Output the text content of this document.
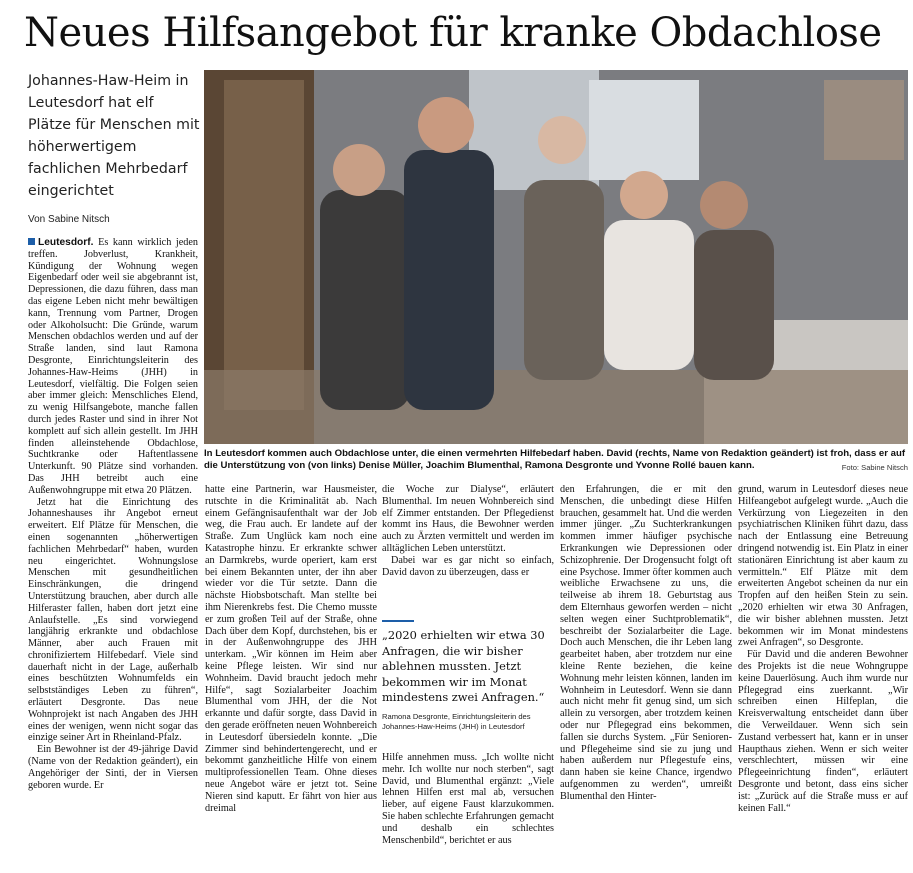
Neues Hilfsangebot für kranke Obdachlose
Johannes-Haw-Heim in Leutesdorf hat elf Plätze für Menschen mit höherwertigem fachlichen Mehrbedarf eingerichtet
Von Sabine Nitsch

Leutesdorf. Es kann wirklich jeden treffen. Jobverlust, Krankheit, Kündigung der Wohnung wegen Eigenbedarf oder weil sie abgebrannt ist, Depressionen, die dazu führen, dass man das eigene Leben nicht mehr bewältigen kann, Trennung vom Partner, Drogen oder Alkoholsucht: Die Gründe, warum Menschen obdachlos werden und auf der Straße landen, sind laut Ramona Desgronte, Einrichtungsleiterin des Johannes-Haw-Heims (JHH) in Leutesdorf, vielfältig. Die Folgen seien aber immer gleich: Menschliches Elend, zu wenig Hilfsangebote, manche fallen durch jedes Raster und sind in ihrer Not komplett auf sich allein gestellt. Im JHH finden alleinstehende Obdachlose, Suchtkranke oder Haftentlassene Unterkunft. 90 Plätze sind vorhanden. Das JHH betreibt auch eine Außenwohngruppe mit etwa 20 Plätzen.

Jetzt hat die Einrichtung des Johanneshauses ihr Angebot erneut erweitert. Elf Plätze für Menschen, die einen sogenannten „höherwertigen fachlichen Mehrbedarf“ haben, wurden neu eingerichtet. Wohnungslose Menschen mit gesundheitlichen Einschränkungen, die dringend Unterstützung brauchen, aber durch alle Hilferaster fallen, haben dort jetzt eine Anlaufstelle. „Es sind vorwiegend langjährig erkrankte und obdachlose Männer, aber auch Frauen mit chronifiziertem Hilfebedarf. Viele sind dauerhaft nicht in der Lage, außerhalb eines beschützten Wohnumfelds ein selbstständiges Leben zu führen“, erläutert Desgronte. Das neue Wohnprojekt ist nach Angaben des JHH eines der wenigen, wenn nicht sogar das einzige seiner Art in Rheinland-Pfalz.

Ein Bewohner ist der 49-jährige David (Name von der Redaktion geändert), ein Angehöriger der Sinti, der in Viersen geboren wurde. Er

In Leutesdorf kommen auch Obdachlose unter, die einen vermehrten Hilfebedarf haben. David (rechts, Name von Redaktion geändert) ist froh, dass er auf die Unterstützung von (von links) Denise Müller, Joachim Blumenthal, Ramona Desgronte und Yvonne Rollé bauen kann.	Foto: Sabine Nitsch

hatte eine Partnerin, war Hausmeister, rutschte in die Kriminalität ab. Nach einem Gefängnisaufenthalt war der Job weg, die Frau auch. Er landete auf der Straße. Zum Unglück kam noch eine Katastrophe hinzu. Er erkrankte schwer an Darmkrebs, wurde operiert, kam erst bei einem Bekannten unter, der ihn aber wieder vor die Tür setzte. Dann die nächste Hiobsbotschaft. Man stellte bei ihm Nierenkrebs fest. Die Chemo musste er zum großen Teil auf der Straße, ohne Dach über dem Kopf, durchstehen, bis er in der Außenwohngruppe des JHH unterkam. „Wir können im Heim aber keine Pflege leisten. Wir sind nur Wohnheim. David braucht jedoch mehr Hilfe“, sagt Sozialarbeiter Joachim Blumenthal vom JHH, der die Not erkannte und dafür sorgte, dass David in den gerade eröffneten neuen Wohnbereich in Leutesdorf übersiedeln konnte. „Die Zimmer sind behindertengerecht, und er bekommt ganzheitliche Hilfe von einem multiprofessionellen Team. Ohne dieses neue Angebot wäre er jetzt tot. Seine Nieren sind kaputt. Er fährt von hier aus dreimal

die Woche zur Dialyse“, erläutert Blumenthal. Im neuen Wohnbereich sind elf Zimmer entstanden. Der Pflegedienst kommt ins Haus, die Bewohner werden auch zu Ärzten vermittelt und werden im alltäglichen Leben unterstützt.

Dabei war es gar nicht so einfach, David davon zu überzeugen, dass er

„2020 erhielten wir etwa 30 Anfragen, die wir bisher ablehnen mussten. Jetzt bekommen wir im Monat mindestens zwei Anfragen.“
Ramona Desgronte, Einrichtungsleiterin des Johannes-Haw-Heims (JHH) in Leutesdorf

Hilfe annehmen muss. „Ich wollte nicht mehr. Ich wollte nur noch sterben“, sagt David, und Blumenthal ergänzt: „Viele lehnen Hilfen erst mal ab, versuchen lieber, auf eigene Faust klarzukommen. Sie haben schlechte Erfahrungen gemacht und deshalb ein schlechtes Menschenbild“, berichtet er aus

den Erfahrungen, die er mit den Menschen, die unbedingt diese Hilfen brauchen, gesammelt hat. Und die werden immer jünger. „Zu Suchterkrankungen kommen immer häufiger psychische Erkrankungen wie Depressionen oder Schizophrenie. Der Drogensucht folgt oft eine Psychose. Immer öfter kommen auch weibliche Erwachsene zu uns, die teilweise ab ihrem 18. Geburtstag aus dem Elternhaus geworfen werden – nicht selten wegen einer Suchtproblematik“, beschreibt der Sozialarbeiter die Lage. Doch auch Menschen, die ihr Leben lang gearbeitet haben, aber trotzdem nur eine kleine Rente beziehen, die keine Wohnung mehr leisten können, landen im Wohnheim in Leutesdorf. Wenn sie dann auch nicht mehr fit genug sind, um sich allein zu versorgen, aber trotzdem keinen oder nur Pflegegrad eins bekommen, fallen sie durchs System. „Für Senioren- und Pflegeheime sind sie zu jung und haben außerdem nur Pflegestufe eins, dann haben sie keine Chance, irgendwo aufgenommen zu werden“, umreißt Blumenthal den Hinter-

grund, warum in Leutesdorf dieses neue Hilfeangebot aufgelegt wurde. „Auch die Verkürzung von Liegezeiten in den psychiatrischen Kliniken führt dazu, dass nach der Entlassung eine Betreuung dringend notwendig ist. Ein Platz in einer stationären Einrichtung ist aber kaum zu vermitteln.“ Elf Plätze mit dem erweiterten Angebot scheinen da nur ein Tropfen auf den heißen Stein zu sein. „2020 erhielten wir etwa 30 Anfragen, die wir bisher ablehnen mussten. Jetzt bekommen wir im Monat mindestens zwei Anfragen“, so Desgronte.

Für David und die anderen Bewohner des Projekts ist die neue Wohngruppe keine Dauerlösung. Auch ihm wurde nur Pflegegrad eins zuerkannt. „Wir schreiben einen Hilfeplan, die Kreisverwaltung entscheidet dann über die Verweildauer. Wenn sich sein Zustand verbessert hat, kann er in unser Haupthaus ziehen. Wenn er sich weiter verschlechtert, müssen wir eine Pflegeeinrichtung finden“, erläutert Desgronte und betont, dass eins sicher ist: „Zurück auf die Straße muss er auf keinen Fall.“
